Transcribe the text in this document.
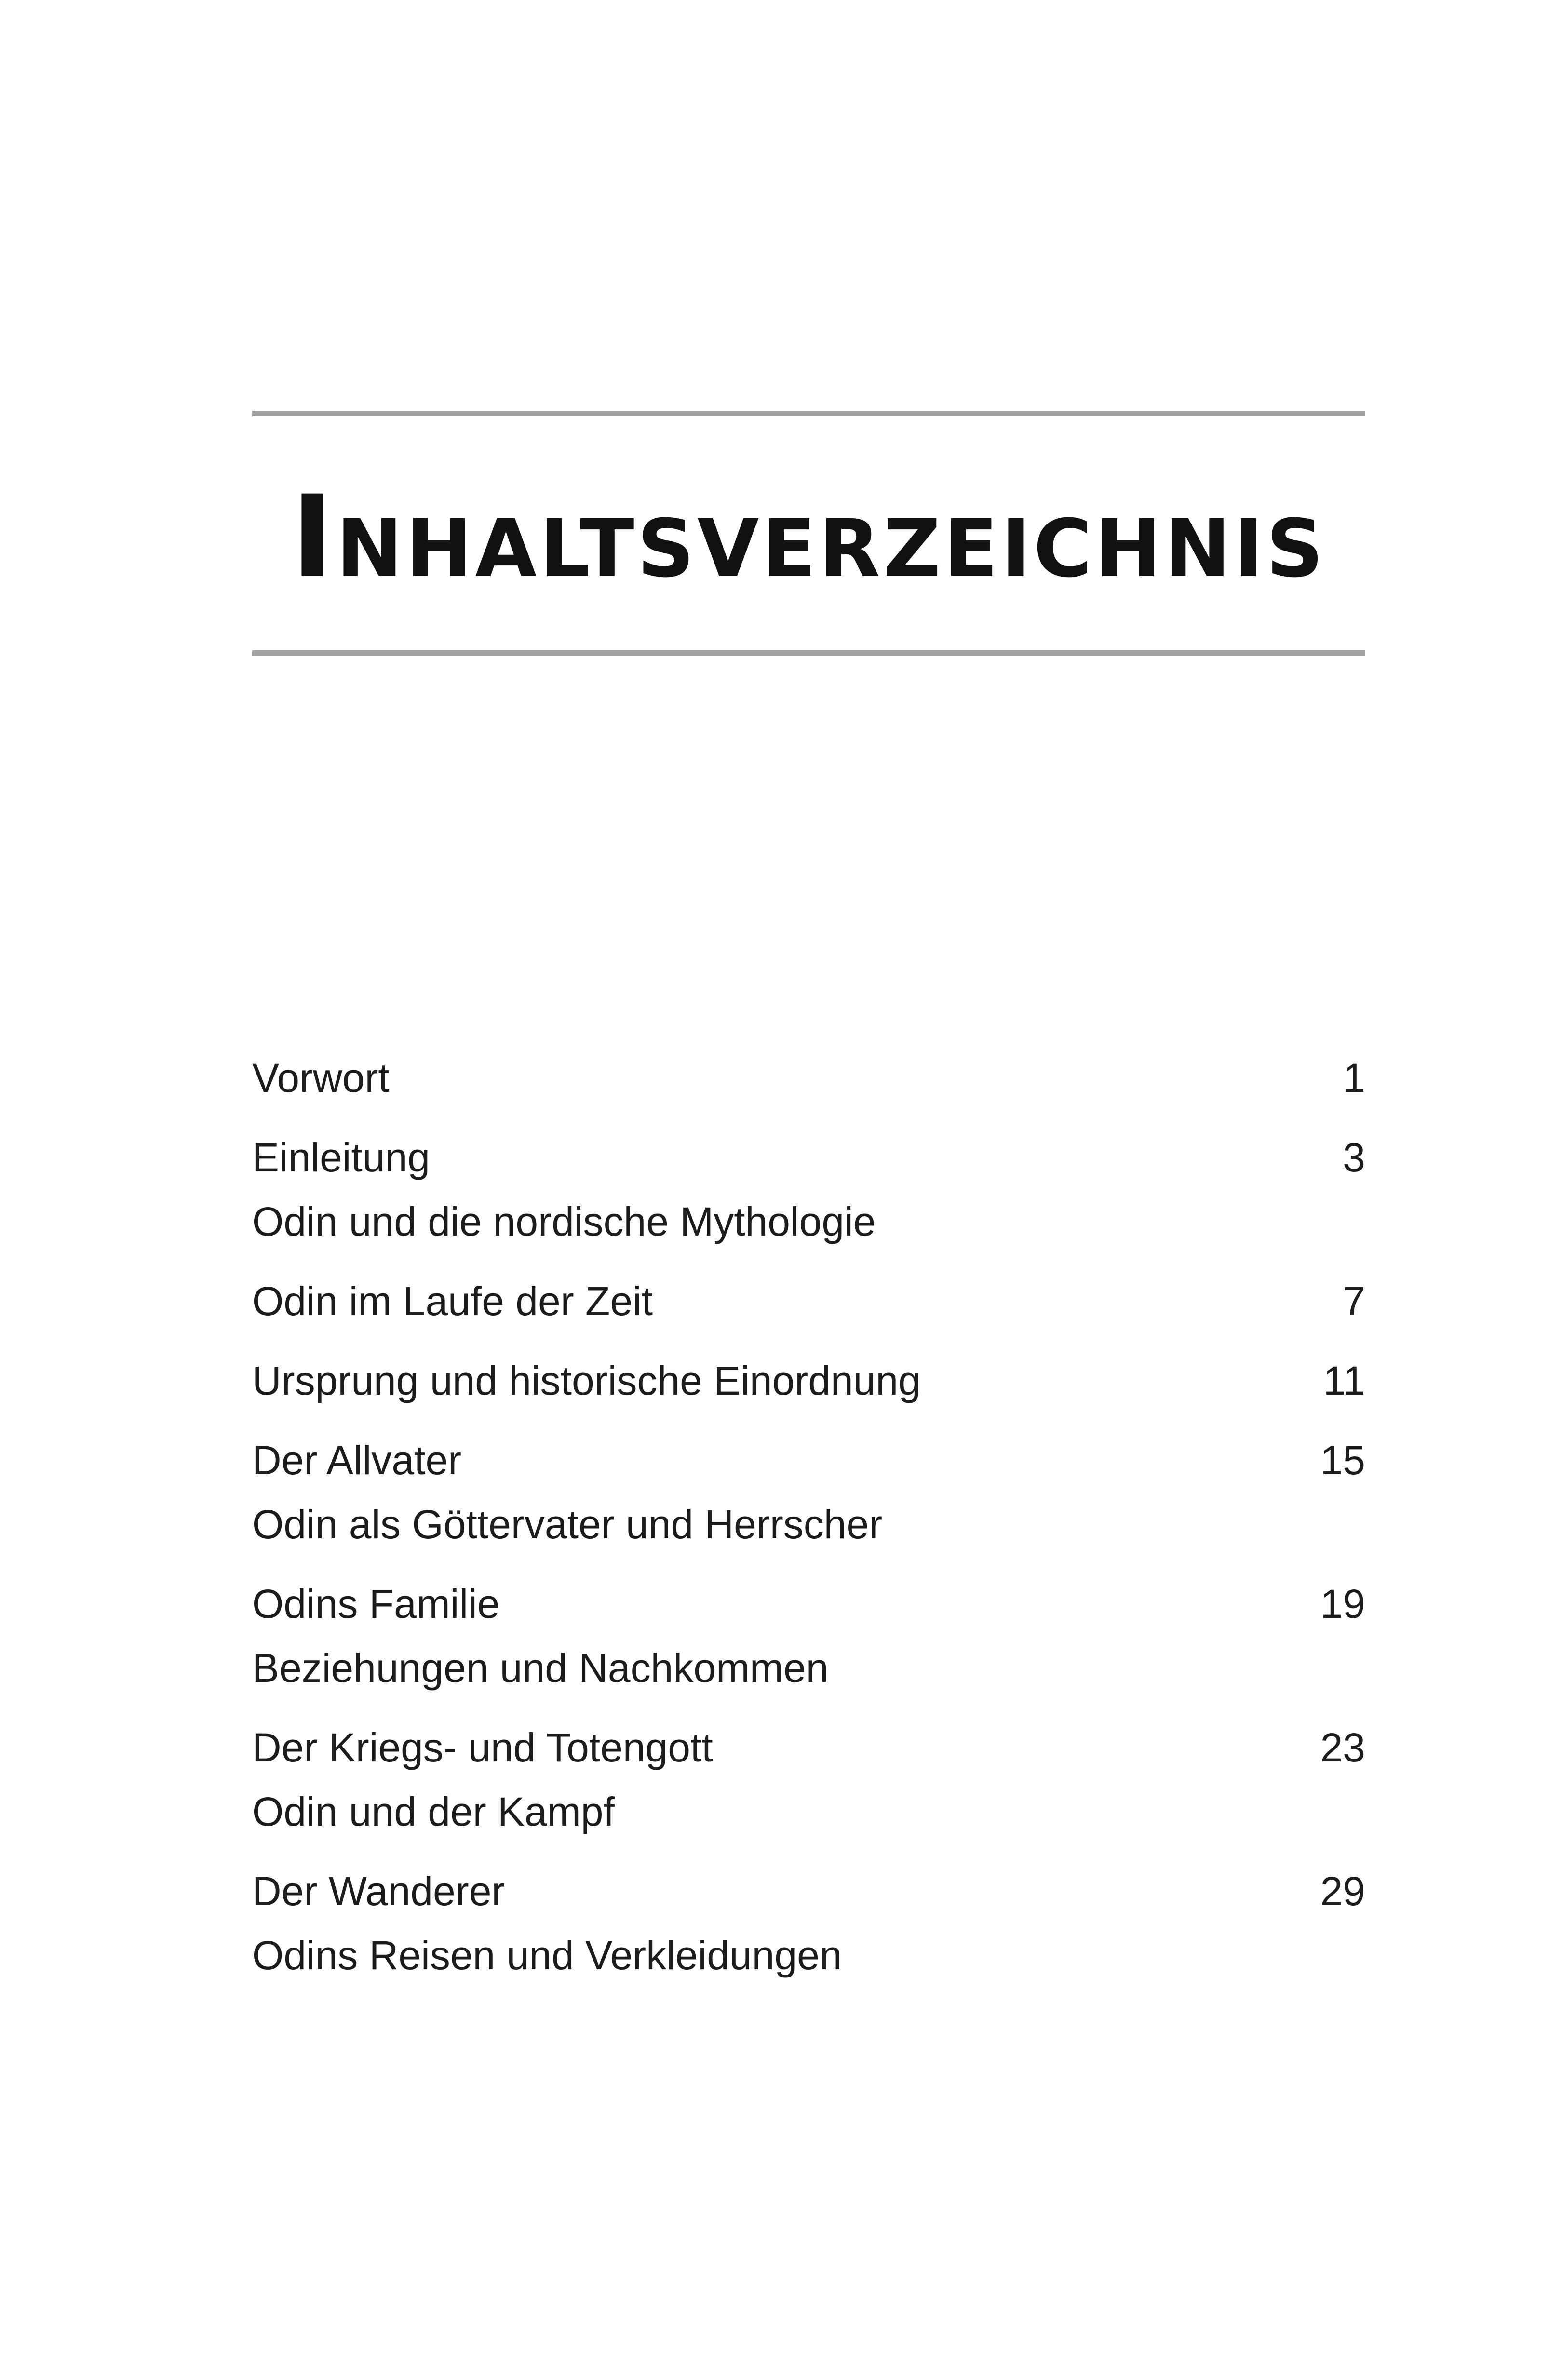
Inhaltsverzeichnis
Vorwort	1
Einleitung	3
Odin und die nordische Mythologie
Odin im Laufe der Zeit	7
Ursprung und historische Einordnung	11
Der Allvater	15
Odin als Göttervater und Herrscher
Odins Familie	19
Beziehungen und Nachkommen
Der Kriegs- und Totengott	23
Odin und der Kampf
Der Wanderer	29
Odins Reisen und Verkleidungen
